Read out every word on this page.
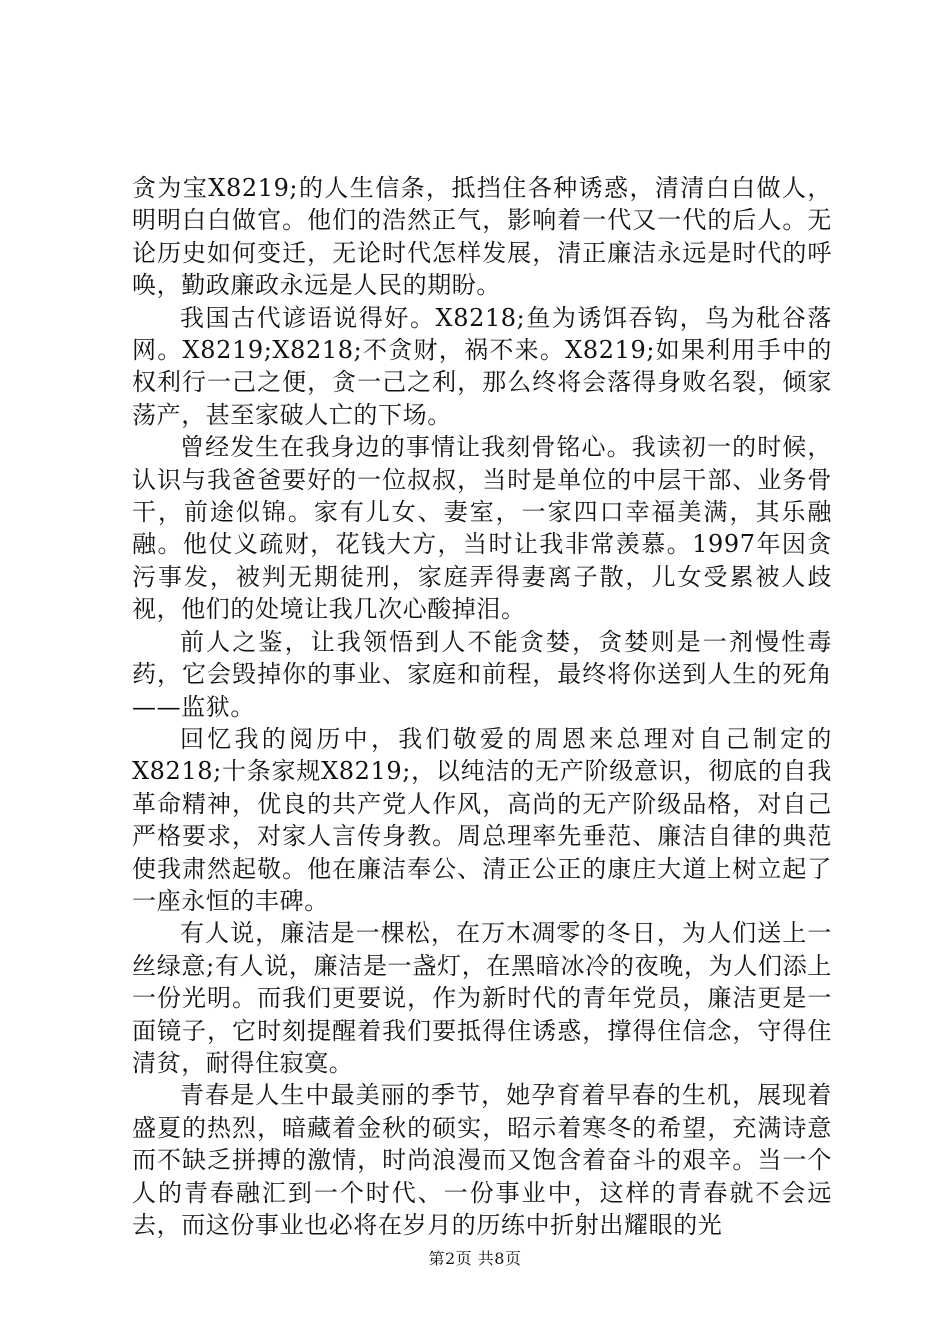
贪为宝X8219;的人生信条，抵挡住各种诱惑，清清白白做人，明明白白做官。他们的浩然正气，影响着一代又一代的后人。无论历史如何变迁，无论时代怎样发展，清正廉洁永远是时代的呼唤，勤政廉政永远是人民的期盼。

我国古代谚语说得好。X8218;鱼为诱饵吞钩，鸟为秕谷落网。X8219;X8218;不贪财，祸不来。X8219;如果利用手中的权利行一己之便，贪一己之利，那么终将会落得身败名裂，倾家荡产，甚至家破人亡的下场。

曾经发生在我身边的事情让我刻骨铭心。我读初一的时候，认识与我爸爸要好的一位叔叔，当时是单位的中层干部、业务骨干，前途似锦。家有儿女、妻室，一家四口幸福美满，其乐融融。他仗义疏财，花钱大方，当时让我非常羡慕。1997年因贪污事发，被判无期徒刑，家庭弄得妻离子散，儿女受累被人歧视，他们的处境让我几次心酸掉泪。

前人之鉴，让我领悟到人不能贪婪，贪婪则是一剂慢性毒药，它会毁掉你的事业、家庭和前程，最终将你送到人生的死角——监狱。

回忆我的阅历中，我们敬爱的周恩来总理对自己制定的X8218;十条家规X8219;，以纯洁的无产阶级意识，彻底的自我革命精神，优良的共产党人作风，高尚的无产阶级品格，对自己严格要求，对家人言传身教。周总理率先垂范、廉洁自律的典范使我肃然起敬。他在廉洁奉公、清正公正的康庄大道上树立起了一座永恒的丰碑。

有人说，廉洁是一棵松，在万木凋零的冬日，为人们送上一丝绿意;有人说，廉洁是一盏灯，在黑暗冰冷的夜晚，为人们添上一份光明。而我们更要说，作为新时代的青年党员，廉洁更是一面镜子，它时刻提醒着我们要抵得住诱惑，撑得住信念，守得住清贫，耐得住寂寞。

青春是人生中最美丽的季节，她孕育着早春的生机，展现着盛夏的热烈，暗藏着金秋的硕实，昭示着寒冬的希望，充满诗意而不缺乏拼搏的激情，时尚浪漫而又饱含着奋斗的艰辛。当一个人的青春融汇到一个时代、一份事业中，这样的青春就不会远去，而这份事业也必将在岁月的历练中折射出耀眼的光

第2页 共8页
